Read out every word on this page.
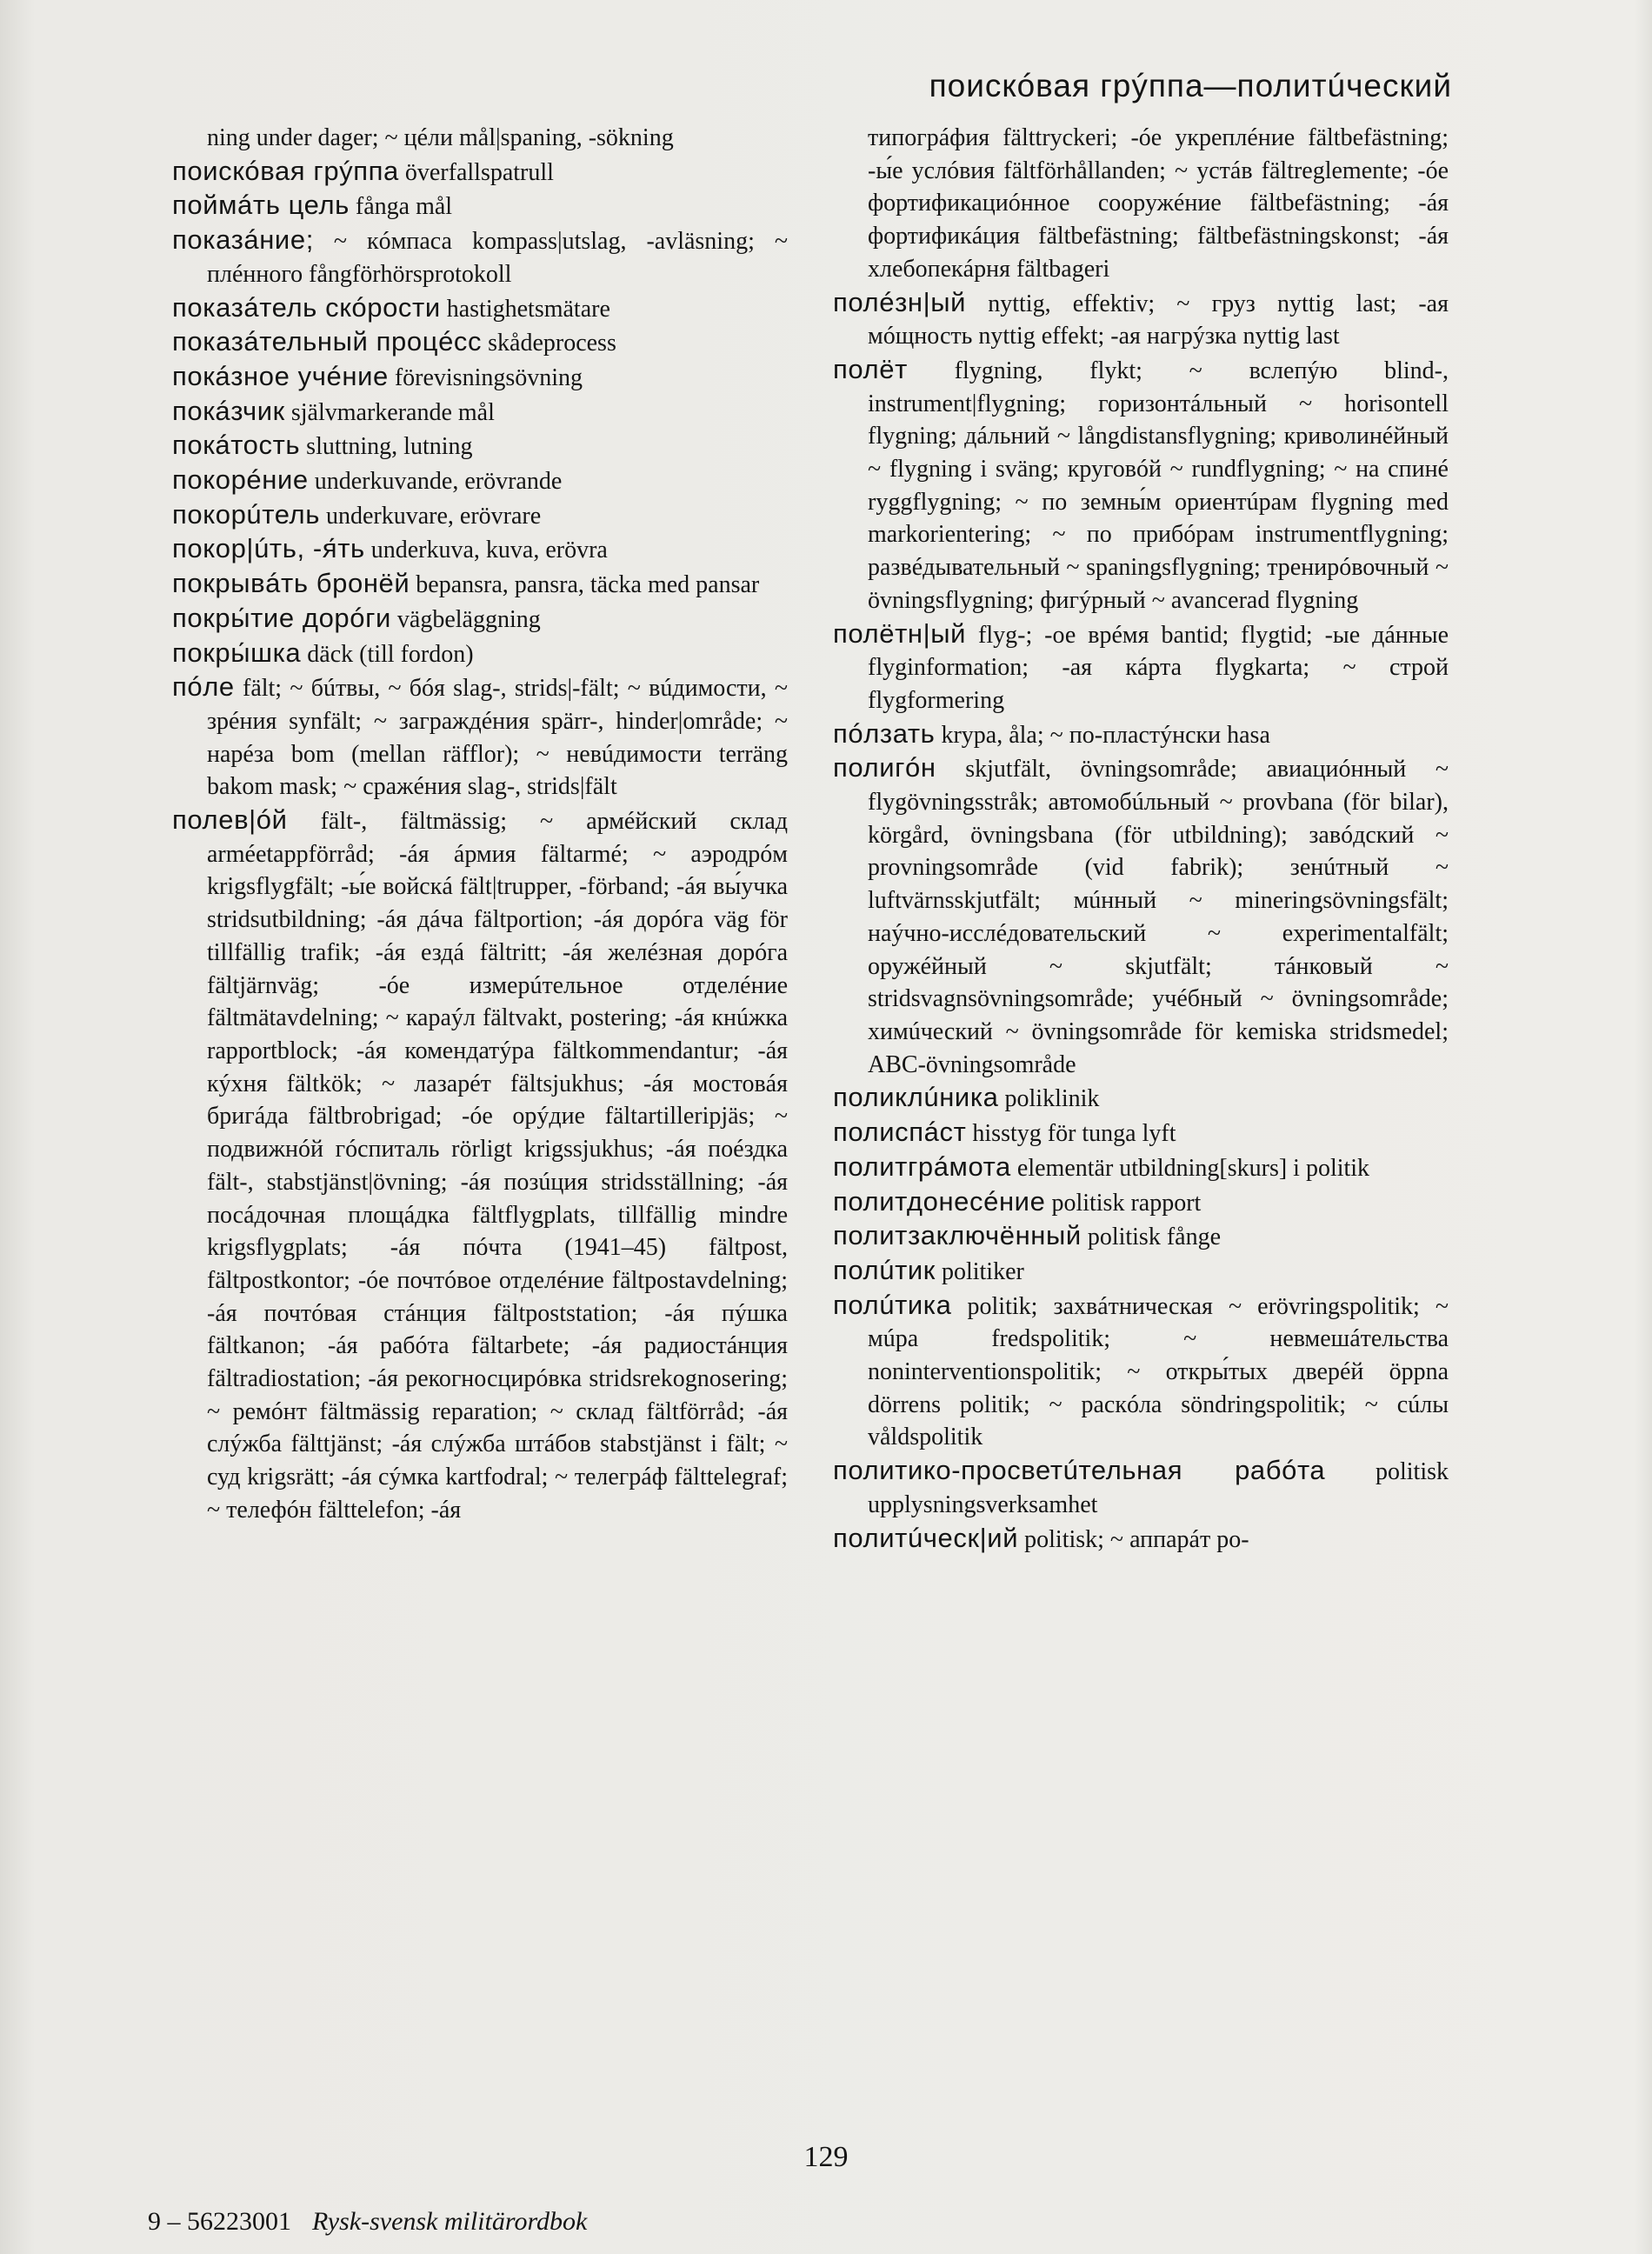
поискóвая грýппа—политúческий
ning under dager; ~ цéли mål|spaning, -sökning
поискóвая грýппа överfallspatrull
поймáть цель fånga mål
показáние; ~ кóмпаса kompass|utslag, -avläsning; ~ плéнного fångförhörsprotokoll
показáтель скóрости hastighetsmätare
показáтельный процéсс skådeprocess
покáзное учéние förevisningsövning
покáзчик självmarkerande mål
покáтость sluttning, lutning
покорéние underkuvande, erövrande
покорúтель underkuvare, erövrare
покор|úть, -я́ть underkuva, kuva, erövra
покрывáть бронёй bepansra, pansra, täcka med pansar
покры́тие дорóги vägbeläggning
покры́шка däck (till fordon)
пóле fält; ~ бúтвы, ~ бóя slag-, strids|-fält; ~ вúдимости, ~ зрéния synfält; ~ загрaждéния spärr-, hinder|område; ~ нарéза bom (mellan räfflor); ~ невúдимости terräng bakom mask; ~ сражéния slag-, strids|fält
полев|óй fält-, fältmässig; ~ армéйский склад arméetappförråd; -áя áрмия fältarmé; ~ аэродрóм krigsflygfält; -ы́е войскá fält|trupper, -förband; -áя вы́учка stridsutbildning; -áя дáча fältportion; -áя дорóга väg för tillfällig trafik; -áя ездá fältritt; -áя желéзная дорóга fältjärnväg; -óе измерúтельное отделéние fältmätavdelning; ~ караýл fältvakt, postering; -áя кнúжка rapportblock; -áя комендатýра fältkommendantur; -áя кýхня fältkök; ~ лазарéт fältsjukhus; -áя мостовáя бригáда fältbrobrigad; -óе орýдие fältartilleripjäs; ~ подвижнóй гóспиталь rörligt krigssjukhus; -áя поéздка fält-, stabstjänst|övning; -áя позúция stridsställning; -áя посáдочная площáдка fältflygplats, tillfällig mindre krigsflygplats; -áя пóчта (1941–45) fältpost, fältpostkontor; -óе почтóвое отделéние fältpostavdelning; -áя почтóвая стáнция fältpoststation; -áя пýшка fältkanon; -áя рабóта fältarbete; -áя радиостáнция fältradiostation; -áя рекогносцирóвка stridsrekognosering; ~ ремóнт fältmässig reparation; ~ склад fältförråd; -áя слýжба fälttjänst; -áя слýжба штáбов stabstjänst i fält; ~ суд krigsrätt; -áя сýмка kartfodral; ~ телегрáф fälttelegraf; ~ телефóн fälttelefon; -áя
типогрáфия fälttryckeri; -óе укреплéние fältbefästning; -ы́е услóвия fältförhållanden; ~ устáв fältreglemente; -óе фортификациóнное сооружéние fältbefästning; -áя фортификáция fältbefästning; fältbefästningskonst; -áя хлебопекáрня fältbageri
полéзн|ый nyttig, effektiv; ~ груз nyttig last; -ая мóщность nyttig effekt; -ая нагрýзка nyttig last
полёт flygning, flykt; ~ вслепýю blind-, instrument|flygning; горизонтáльный ~ horisontell flygning; дáльний ~ långdistansflygning; криволинéйный ~ flygning i sväng; круговóй ~ rundflygning; ~ на спинé ryggflygning; ~ по земны́м ориентúрам flygning med markorientering; ~ по прибóрам instrumentflygning; развéдывательный ~ spaningsflygning; тренирóвочный ~ övningsflygning; фигýрный ~ avancerad flygning
полётн|ый flyg-; -ое врéмя bantid; flygtid; -ые дáнные flyginformation; -ая кáрта flygkarta; ~ строй flygformering
пóлзать krypa, åla; ~ по-пластýнски hasa
полигóн skjutfält, övningsområde; авиациóнный ~ flygövningsstråk; автомобúльный ~ provbana (för bilar), körgård, övningsbana (för utbildning); завóдский ~ provningsområde (vid fabrik); зенúтный ~ luftvärnsskjutfält; мúнный ~ mineringsövningsfält; наýчно-исслéдовательский ~ experimentalfält; оружéйный ~ skjutfält; тáнковый ~ stridsvagnsövningsområde; учéбный ~ övningsområde; химúческий ~ övningsområde för kemiska stridsmedel; ABC-övningsområde
поликлúника poliklinik
полиспáст hisstyg för tunga lyft
политгрáмота elementär utbildning[skurs] i politik
политдонесéние politisk rapport
политзаключённый politisk fånge
полúтик politiker
полúтика politik; захвáтническая ~ erövringspolitik; ~ мúра fredspolitik; ~ невмешáтельства noninterventionspolitik; ~ откры́тых дверéй öppna dörrens politik; ~ раскóла söndringspolitik; ~ сúлы våldspolitik
политико-просветúтельная рабóта politisk upplysningsverksamhet
политúческ|ий politisk; ~ аппарáт po-
129
9 – 56223001 Rysk-svensk militärordbok
